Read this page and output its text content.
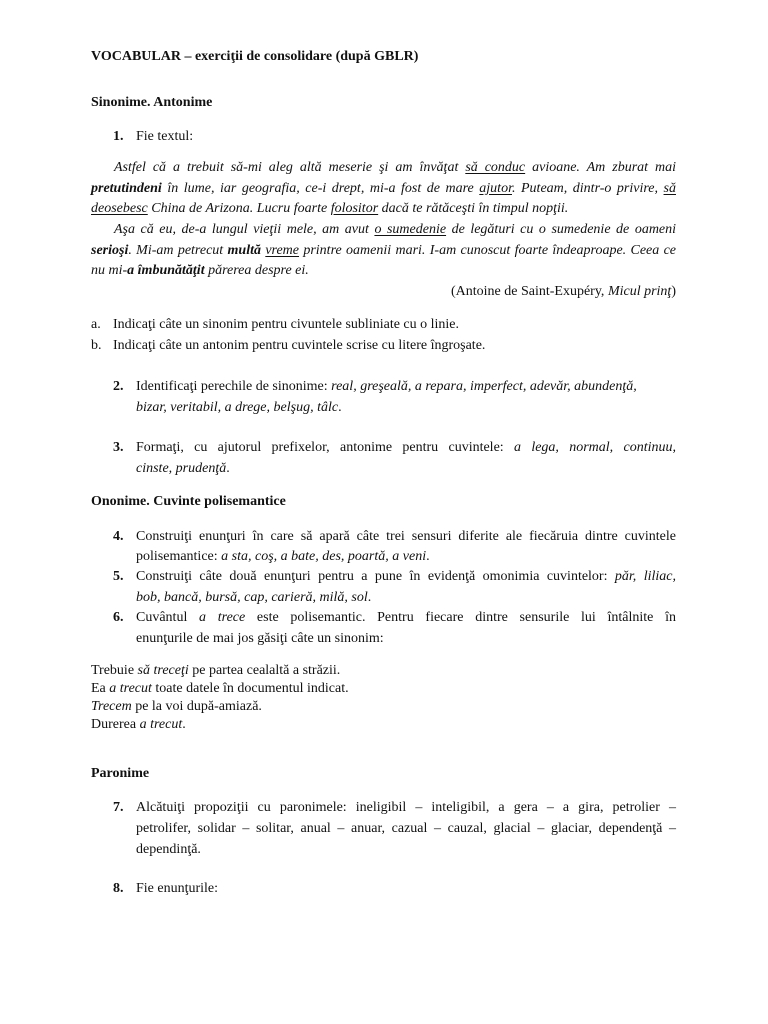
VOCABULAR – exerciţii de consolidare (după GBLR)
Sinonime. Antonime
1. Fie textul:
Astfel că a trebuit să-mi aleg altă meserie şi am învăţat să conduc avioane. Am zburat mai pretutindeni în lume, iar geografia, ce-i drept, mi-a fost de mare ajutor. Puteam, dintr-o privire, să deosebesc China de Arizona. Lucru foarte folositor dacă te rătăceşti în timpul nopţii.
Aşa că eu, de-a lungul vieţii mele, am avut o sumedenie de legături cu o sumedenie de oameni serioşi. Mi-am petrecut multă vreme printre oamenii mari. I-am cunoscut foarte îndeaproape. Ceea ce nu mi-a îmbunătăţit părerea despre ei.
(Antoine de Saint-Exupéry, Micul prinţ)
a. Indicaţi câte un sinonim pentru civuntele subliniate cu o linie.
b. Indicaţi câte un antonim pentru cuvintele scrise cu litere îngroşate.
2. Identificaţi perechile de sinonime: real, greşeală, a repara, imperfect, adevăr, abundenţă,
bizar, veritabil, a drege, belşug, tâlc.
3. Formaţi, cu ajutorul prefixelor, antonime pentru cuvintele: a lega, normal, continuu,
cinste, prudenţă.
Ononime. Cuvinte polisemantice
4. Construiţi enunţuri în care să apară câte trei sensuri diferite ale fiecăruia dintre cuvintele
polisemantice: a sta, coş, a bate, des, poartă, a veni.
5. Construiţi câte două enunţuri pentru a pune în evidenţă omonimia cuvintelor: păr, liliac,
bob, bancă, bursă, cap, carieră, milă, sol.
6. Cuvântul a trece este polisemantic. Pentru fiecare dintre sensurile lui întâlnite în
enunţurile de mai jos găsiţi câte un sinonim:
Trebuie să treceţi pe partea cealaltă a străzii.
Ea a trecut toate datele în documentul indicat.
Trecem pe la voi după-amiază.
Durerea a trecut.
Paronime
7. Alcătuiţi propoziţii cu paronimele: ineligibil – inteligibil, a gera – a gira, petrolier –
petrolifer, solidar – solitar, anual – anuar, cazual – cauzal, glacial – glaciar, dependenţă –
dependinţă.
8. Fie enunţurile:
